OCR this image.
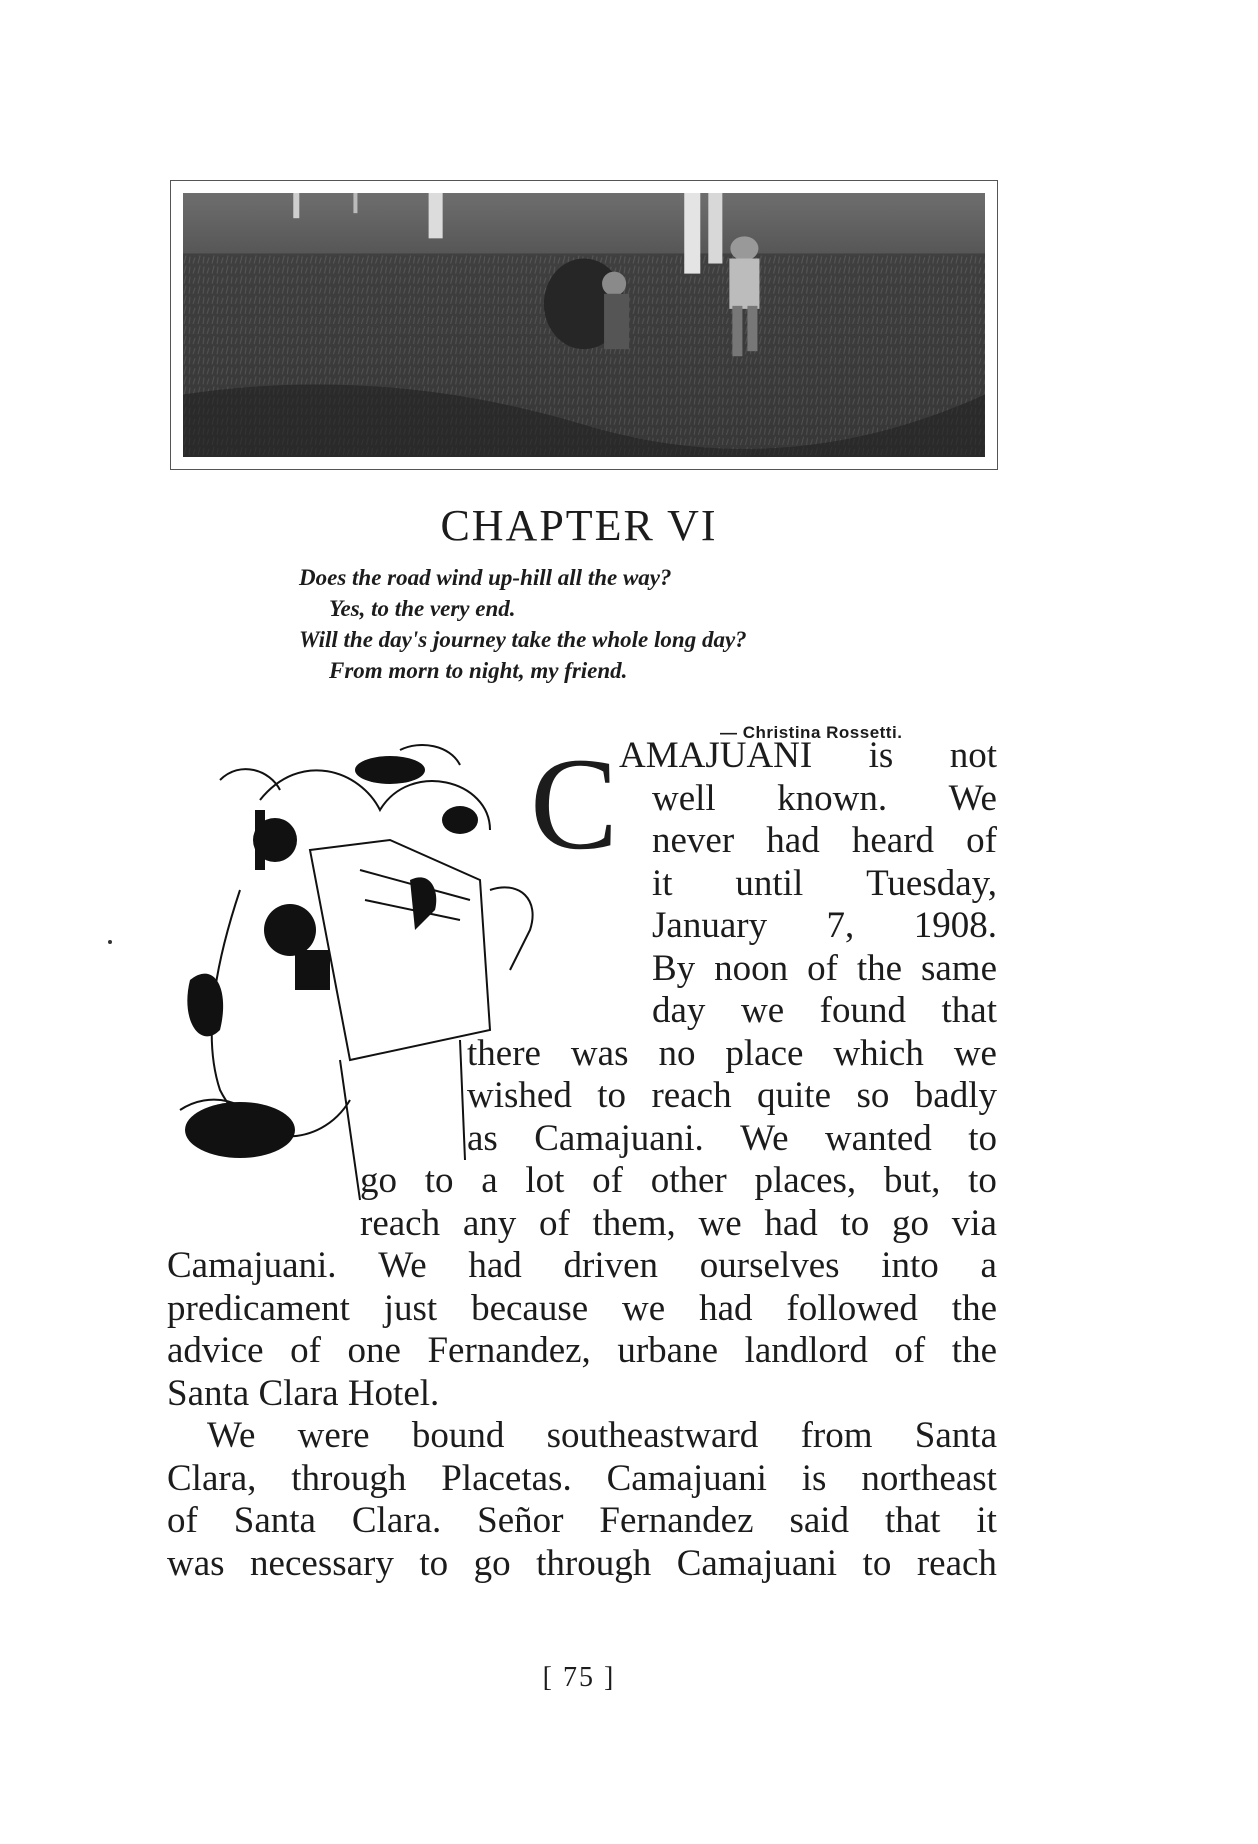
CHAPTER VI
Does the road wind up-hill all the way?
Yes, to the very end.
Will the day's journey take the whole long day?
From morn to night, my friend.
— Christina Rossetti.
C AMAJUANI is not
well known. We
never had heard of
it until Tuesday,
January 7, 1908.
By noon of the same
day we found that
there was no place which we
wished to reach quite so badly
as Camajuani. We wanted to
go to a lot of other places, but, to
reach any of them, we had to go via
Camajuani. We had driven ourselves into a
predicament just because we had followed the
advice of one Fernandez, urbane landlord of the
Santa Clara Hotel.
We were bound southeastward from Santa
Clara, through Placetas. Camajuani is northeast
of Santa Clara. Señor Fernandez said that it
was necessary to go through Camajuani to reach
[ 75 ]
